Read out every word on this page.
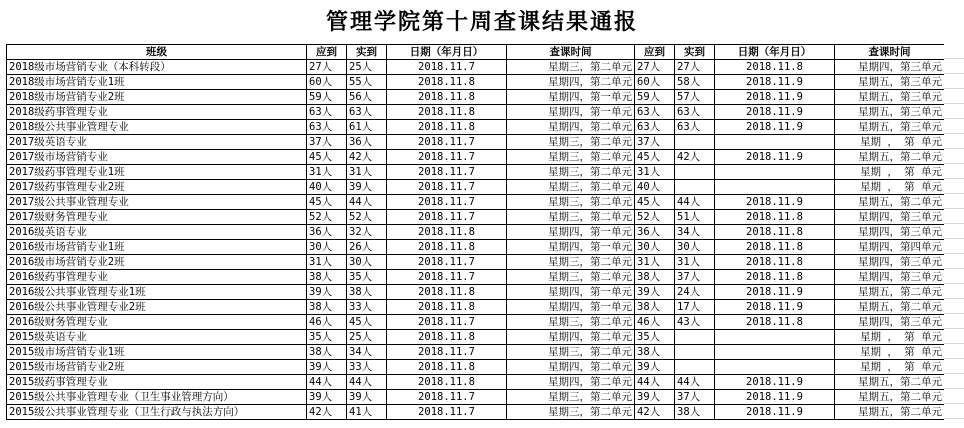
管理学院第十周查课结果通报
班级	应到	实到	日期（年月日）	查课时间	应到	实到	日期（年月日）	查课时间
2018级市场营销专业（本科转段）	27人	25人	2018.11.7	星期三，第二单元	27人	27人	2018.11.8	星期四，第三单元
2018级市场营销专业1班	60人	55人	2018.11.8	星期四，第二单元	60人	58人	2018.11.9	星期五，第三单元
2018级市场营销专业2班	59人	56人	2018.11.8	星期四，第一单元	59人	57人	2018.11.9	星期五，第三单元
2018级药事管理专业	63人	63人	2018.11.8	星期四，第一单元	63人	63人	2018.11.9	星期五，第三单元
2018级公共事业管理专业	63人	61人	2018.11.8	星期四，第二单元	63人	63人	2018.11.9	星期五，第三单元
2017级英语专业	37人	36人	2018.11.7	星期三，第二单元	37人			星期 ， 第 单元
2017级市场营销专业	45人	42人	2018.11.7	星期三，第二单元	45人	42人	2018.11.9	星期五，第二单元
2017级药事管理专业1班	31人	31人	2018.11.7	星期三，第二单元	31人			星期 ， 第 单元
2017级药事管理专业2班	40人	39人	2018.11.7	星期三，第二单元	40人			星期 ， 第 单元
2017级公共事业管理专业	45人	44人	2018.11.7	星期三，第二单元	45人	44人	2018.11.9	星期五，第二单元
2017级财务管理专业	52人	52人	2018.11.7	星期三，第二单元	52人	51人	2018.11.8	星期四，第三单元
2016级英语专业	36人	32人	2018.11.8	星期四，第一单元	36人	34人	2018.11.8	星期四，第三单元
2016级市场营销专业1班	30人	26人	2018.11.8	星期四，第一单元	30人	30人	2018.11.8	星期四，第四单元
2016级市场营销专业2班	31人	30人	2018.11.7	星期三，第二单元	31人	31人	2018.11.8	星期四，第三单元
2016级药事管理专业	38人	35人	2018.11.7	星期三，第二单元	38人	37人	2018.11.8	星期四，第三单元
2016级公共事业管理专业1班	39人	38人	2018.11.8	星期四，第一单元	39人	24人	2018.11.9	星期五，第二单元
2016级公共事业管理专业2班	38人	33人	2018.11.8	星期四，第一单元	38人	17人	2018.11.9	星期五，第二单元
2016级财务管理专业	46人	45人	2018.11.7	星期三，第二单元	46人	43人	2018.11.8	星期四，第三单元
2015级英语专业	35人	25人	2018.11.8	星期四，第二单元	35人			星期 ， 第 单元
2015级市场营销专业1班	38人	34人	2018.11.7	星期三，第二单元	38人			星期 ， 第 单元
2015级市场营销专业2班	39人	33人	2018.11.8	星期四，第二单元	39人			星期 ， 第 单元
2015级药事管理专业	44人	44人	2018.11.8	星期四，第二单元	44人	44人	2018.11.9	星期五，第二单元
2015级公共事业管理专业（卫生事业管理方向）	39人	39人	2018.11.7	星期三，第二单元	39人	37人	2018.11.9	星期五，第二单元
2015级公共事业管理专业（卫生行政与执法方向）	42人	41人	2018.11.7	星期三，第二单元	42人	38人	2018.11.9	星期五，第二单元
